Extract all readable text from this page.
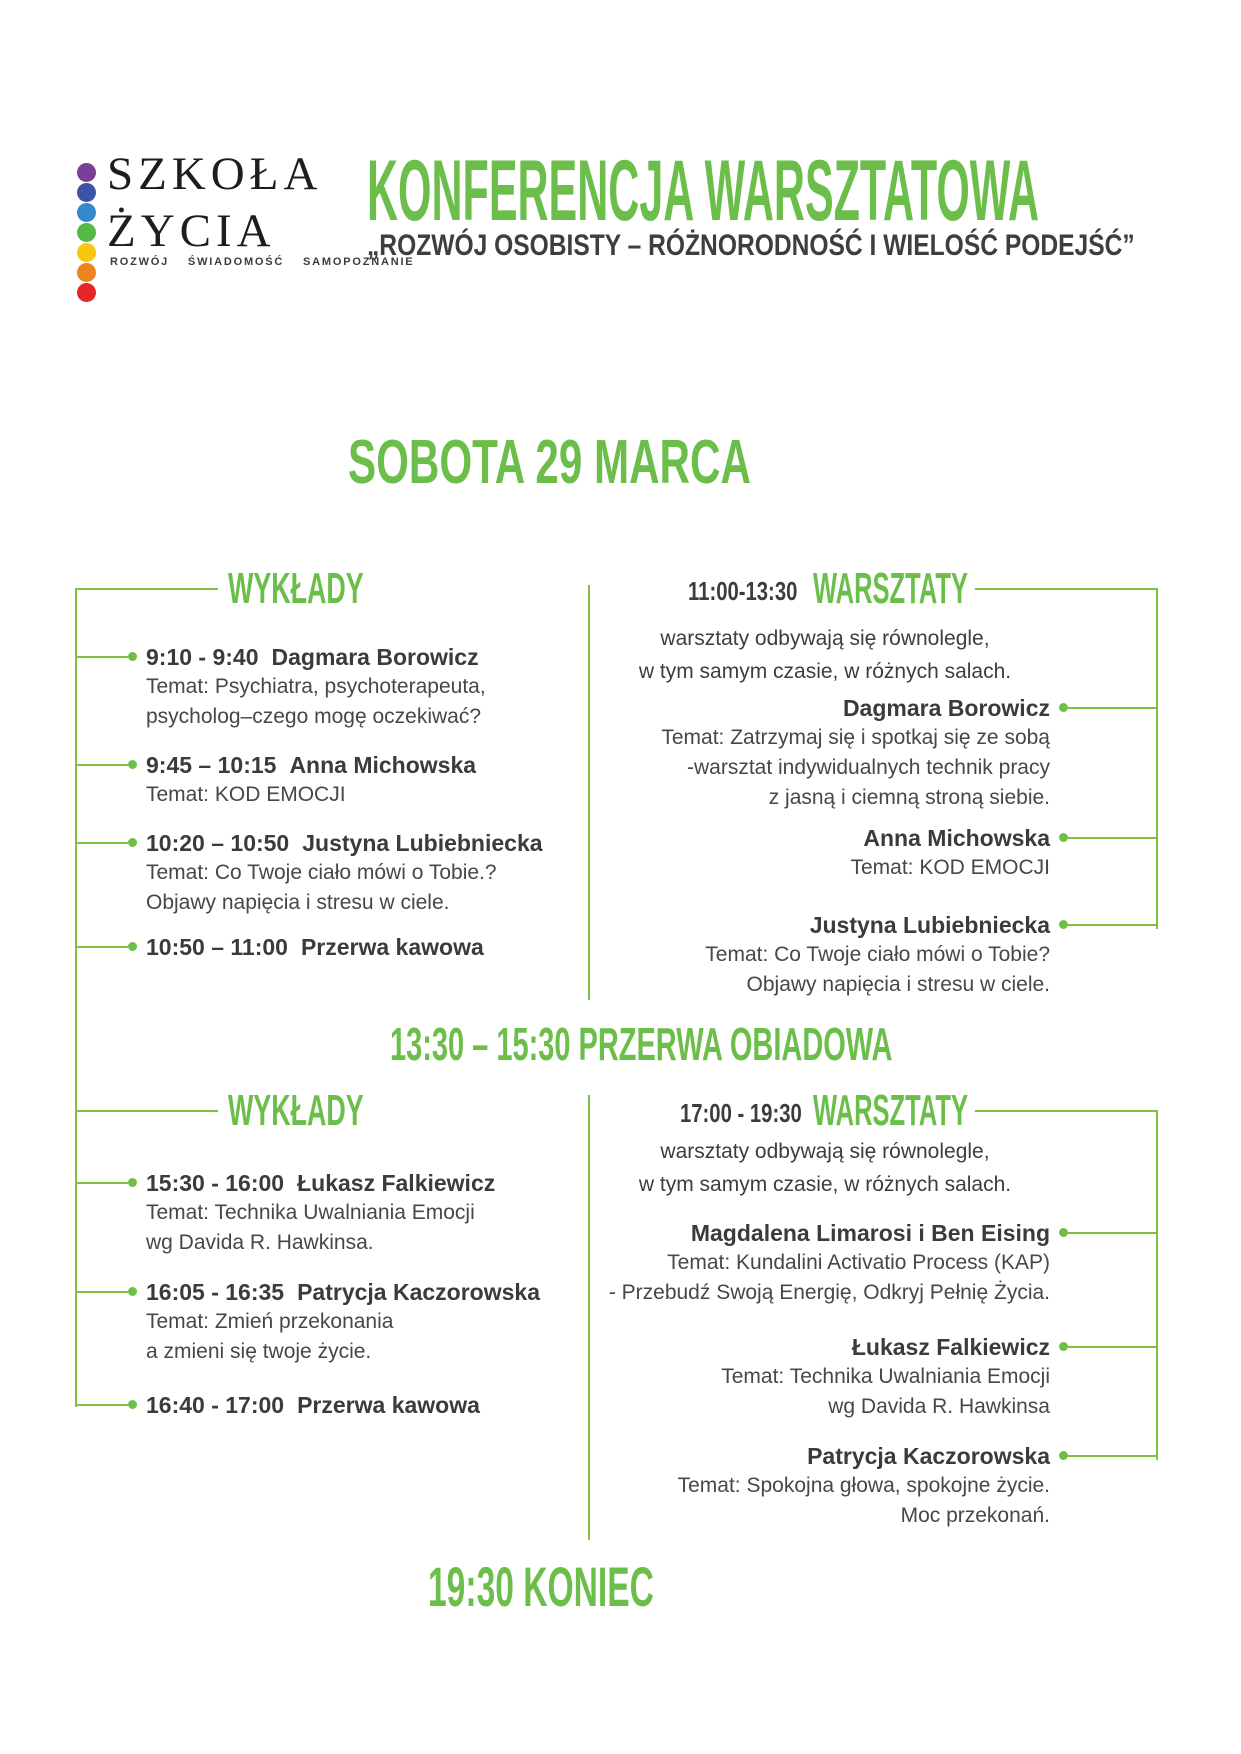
SZKOŁA
ŻYCIA
ROZWÓJ ŚWIADOMOŚĆ SAMOPOZNANIE
KONFERENCJA WARSZTATOWA
„ROZWÓJ OSOBISTY – RÓŻNORODNOŚĆ I WIELOŚĆ PODEJŚĆ”
SOBOTA 29 MARCA
WYKŁADY
9:10 - 9:40 Dagmara Borowicz
Temat: Psychiatra, psychoterapeuta,
psycholog–czego mogę oczekiwać?
9:45 – 10:15 Anna Michowska
Temat: KOD EMOCJI
10:20 – 10:50 Justyna Lubiebniecka
Temat: Co Twoje ciało mówi o Tobie.?
Objawy napięcia i stresu w ciele.
10:50 – 11:00 Przerwa kawowa
11:00-13:30 WARSZTATY
warsztaty odbywają się równolegle,
w tym samym czasie, w różnych salach.
Dagmara Borowicz
Temat: Zatrzymaj się i spotkaj się ze sobą
-warsztat indywidualnych technik pracy
z jasną i ciemną stroną siebie.
Anna Michowska
Temat: KOD EMOCJI
Justyna Lubiebniecka
Temat: Co Twoje ciało mówi o Tobie?
Objawy napięcia i stresu w ciele.
13:30 – 15:30 PRZERWA OBIADOWA
WYKŁADY
15:30 - 16:00 Łukasz Falkiewicz
Temat: Technika Uwalniania Emocji
wg Davida R. Hawkinsa.
16:05 - 16:35 Patrycja Kaczorowska
Temat: Zmień przekonania
a zmieni się twoje życie.
16:40 - 17:00 Przerwa kawowa
17:00 - 19:30 WARSZTATY
warsztaty odbywają się równolegle,
w tym samym czasie, w różnych salach.
Magdalena Limarosi i Ben Eising
Temat: Kundalini Activatio Process (KAP)
- Przebudź Swoją Energię, Odkryj Pełnię Życia.
Łukasz Falkiewicz
Temat: Technika Uwalniania Emocji
wg Davida R. Hawkinsa
Patrycja Kaczorowska
Temat: Spokojna głowa, spokojne życie.
Moc przekonań.
19:30 KONIEC
